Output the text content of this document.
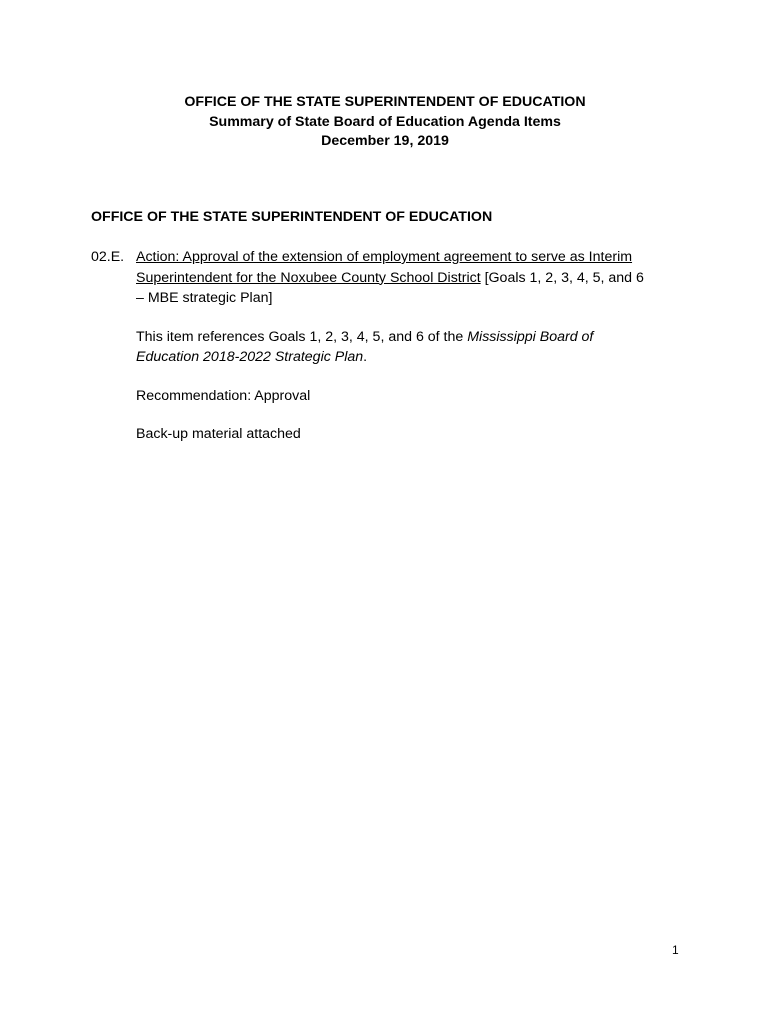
OFFICE OF THE STATE SUPERINTENDENT OF EDUCATION
Summary of State Board of Education Agenda Items
December 19, 2019
OFFICE OF THE STATE SUPERINTENDENT OF EDUCATION
02.E. Action: Approval of the extension of employment agreement to serve as Interim
Superintendent for the Noxubee County School District [Goals 1, 2, 3, 4, 5, and 6
– MBE strategic Plan]

This item references Goals 1, 2, 3, 4, 5, and 6 of the Mississippi Board of
Education 2018-2022 Strategic Plan.

Recommendation: Approval

Back-up material attached

1
